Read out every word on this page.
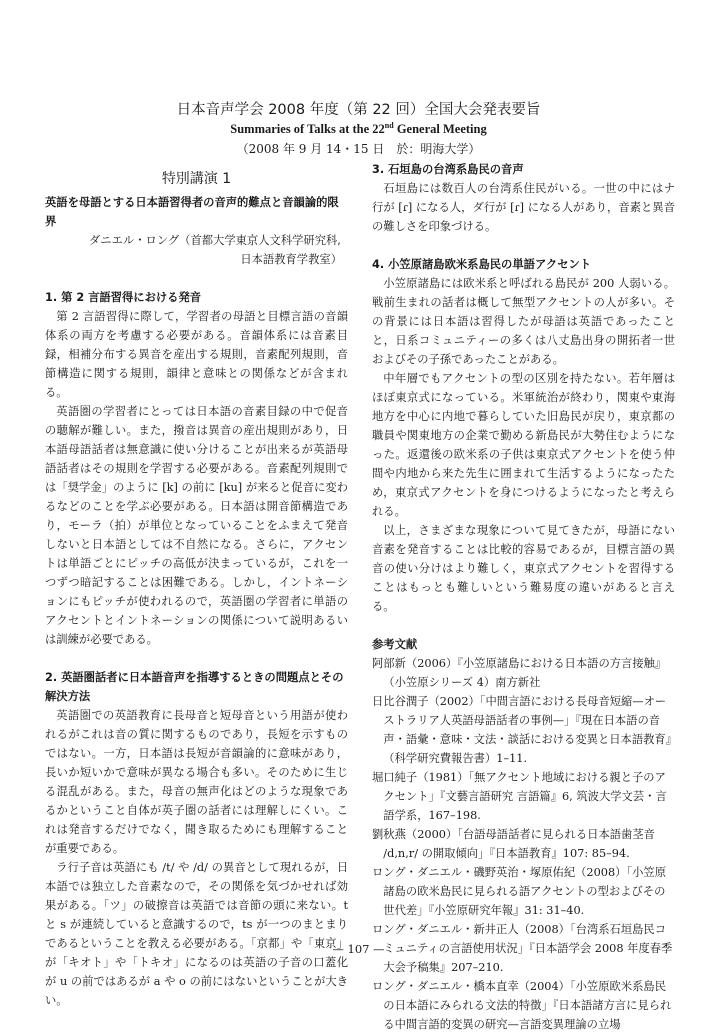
日本音声学会 2008 年度（第 22 回）全国大会発表要旨
Summaries of Talks at the 22nd General Meeting
（2008 年 9 月 14・15 日　於：明海大学）
特別講演 1
英語を母語とする日本語習得者の音声的難点と音韻論的限界
ダニエル・ロング（首都大学東京人文科学研究科,
日本語教育学教室）
1. 第 2 言語習得における発音

第 2 言語習得に際して，学習者の母語と目標言語の音韻体系の両方を考慮する必要がある。音韻体系には音素目録，相補分布する異音を産出する規則，音素配列規則，音節構造に関する規則，韻律と意味との関係などが含まれる。

英語圏の学習者にとっては日本語の音素目録の中で促音の聴解が難しい。また，撥音は異音の産出規則があり，日本語母語話者は無意識に使い分けることが出来るが英語母語話者はその規則を学習する必要がある。音素配列規則では「奨学金」のように [k] の前に [ku] が来ると促音に変わるなどのことを学ぶ必要がある。日本語は開音節構造であり，モーラ（拍）が単位となっていることをふまえて発音しないと日本語としては不自然になる。さらに，アクセントは単語ごとにピッチの高低が決まっているが，これを一つずつ暗記することは困難である。しかし，イントネーションにもピッチが使われるので，英語圏の学習者に単語のアクセントとイントネーションの関係について説明あるいは訓練が必要である。

2. 英語圏話者に日本語音声を指導するときの問題点とその解決方法

英語圏での英語教育に長母音と短母音という用語が使われるがこれは音の質に関するものであり，長短を示すものではない。一方，日本語は長短が音韻論的に意味があり，長いか短いかで意味が異なる場合も多い。そのために生じる混乱がある。また，母音の無声化はどのような現象であるかということ自体が英子圏の話者には理解しにくい。これは発音するだけでなく，聞き取るためにも理解することが重要である。

ラ行子音は英語にも /t/ や /d/ の異音として現れるが，日本語では独立した音素なので，その関係を気づかせれば効果がある。「ツ」の破擦音は英語では音節の頭に来ない。t と s が連続していると意識するので，ts が一つのまとまりであるということを教える必要がある。「京都」や「東京」が「キオト」や「トキオ」になるのは英語の子音の口蓋化が u の前ではあるが a や o の前にはないということが大きい。

3. 石垣島の台湾系島民の音声

石垣島には数百人の台湾系住民がいる。一世の中にはナ行が [ɾ] になる人，ダ行が [ɾ] になる人があり，音素と異音の難しさを印象づける。

4. 小笠原諸島欧米系島民の単語アクセント

小笠原諸島には欧米系と呼ばれる島民が 200 人弱いる。戦前生まれの話者は概して無型アクセントの人が多い。その背景には日本語は習得したが母語は英語であったことと，日系コミュニティーの多くは八丈島出身の開拓者一世およびその子孫であったことがある。

中年層でもアクセントの型の区別を持たない。若年層はほぼ東京式になっている。米軍統治が終わり，関東や東海地方を中心に内地で暮らしていた旧島民が戻り，東京都の職員や関東地方の企業で勤める新島民が大勢住むようになった。返還後の欧米系の子供は東京式アクセントを使う仲間や内地から来た先生に囲まれて生活するようになったため，東京式アクセントを身につけるようになったと考えられる。

以上，さまざまな現象について見てきたが，母語にない音素を発音することは比較的容易であるが，目標言語の異音の使い分けはより難しく，東京式アクセントを習得することはもっとも難しいという難易度の違いがあると言える。

参考文献
阿部新（2006）『小笠原諸島における日本語の方言接触』（小笠原シリーズ 4）南方新社
日比谷潤子（2002）「中間言語における長母音短縮—オーストラリア人英語母語話者の事例—」『現在日本語の音声・語彙・意味・文法・談話における変異と日本語教育』（科学研究費報告書）1–11.
堀口純子（1981）「無アクセント地域における親と子のアクセント」『文藝言語研究 言語篇』6, 筑波大学文芸・言語学系，167–198.
劉秋燕（2000）「台語母語話者に見られる日本語歯茎音 /d,n,r/ の開取傾向」『日本語教育』107: 85–94.
ロング・ダニエル・磯野英治・塚原佑紀（2008）「小笠原諸島の欧米島民に見られる語アクセントの型およびその世代差」『小笠原研究年報』31: 31–40.
ロング・ダニエル・新井正人（2008）「台湾系石垣島民コミュニティの言語使用状況」『日本語学会 2008 年度春季大会予稿集』207–210.
ロング・ダニエル・橋本直幸（2004）「小笠原欧米系島民の日本語にみられる文法的特徴」『日本語諸方言に見られる中間言語的変異の研究—言語変異理論の立場
— 107 —
